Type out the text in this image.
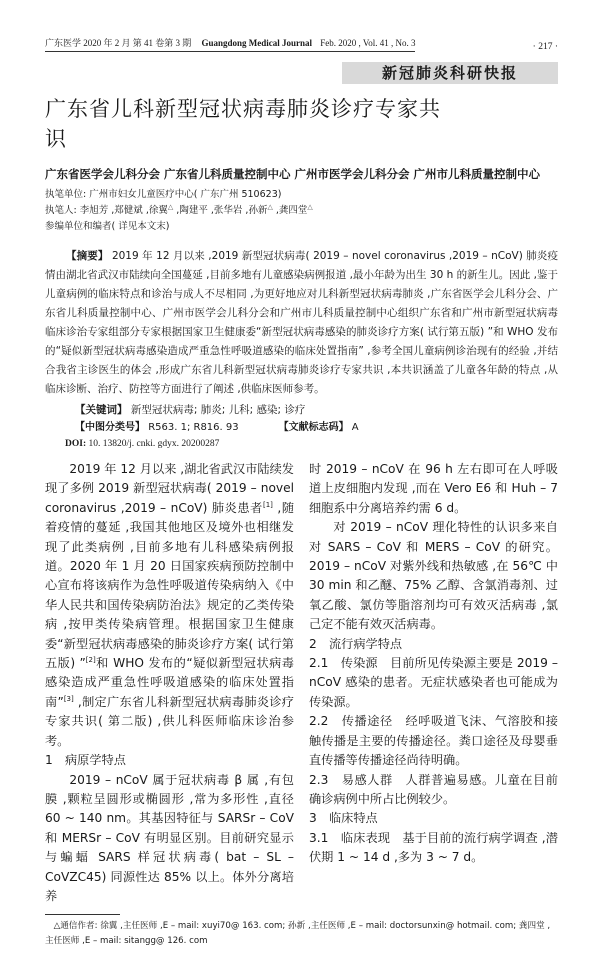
广东医学 2020 年 2 月 第 41 卷第 3 期 Guangdong Medical Journal Feb. 2020 , Vol. 41 , No. 3	· 217 ·
新冠肺炎科研快报
广东省儿科新型冠状病毒肺炎诊疗专家共识
广东省医学会儿科分会 广东省儿科质量控制中心 广州市医学会儿科分会 广州市儿科质量控制中心
执笔单位: 广州市妇女儿童医疗中心( 广东广州 510623)
执笔人: 李旭芳 ,郑健斌 ,徐翼△ ,陶建平 ,张华岩 ,孙新△ ,龚四堂△
参编单位和编者( 详见本文末)
【摘要】 2019 年 12 月以来 ,2019 新型冠状病毒( 2019 – novel coronavirus ,2019 – nCoV) 肺炎疫情由湖北省武汉市陆续向全国蔓延 ,目前多地有儿童感染病例报道 ,最小年龄为出生 30 h 的新生儿。因此 ,鉴于儿童病例的临床特点和诊治与成人不尽相同 ,为更好地应对儿科新型冠状病毒肺炎 ,广东省医学会儿科分会、广东省儿科质量控制中心、广州市医学会儿科分会和广州市儿科质量控制中心组织广东省和广州市新型冠状病毒临床诊治专家组部分专家根据国家卫生健康委“新型冠状病毒感染的肺炎诊疗方案( 试行第五版) ”和 WHO 发布的“疑似新型冠状病毒感染造成严重急性呼吸道感染的临床处置指南” ,参考全国儿童病例诊治现有的经验 ,并结合我省主诊医生的体会 ,形成广东省儿科新型冠状病毒肺炎诊疗专家共识 ,本共识涵盖了儿童各年龄的特点 ,从临床诊断、治疗、防控等方面进行了阐述 ,供临床医师参考。
【关键词】 新型冠状病毒; 肺炎; 儿科; 感染; 诊疗
【中图分类号】 R563. 1; R816. 93	【文献标志码】 A
DOI: 10. 13820/j. cnki. gdyx. 20200287

2019 年 12 月以来 ,湖北省武汉市陆续发现了多例 2019 新型冠状病毒( 2019 – novel coronavirus ,2019 – nCoV) 肺炎患者[1] ,随着疫情的蔓延 ,我国其他地区及境外也相继发现了此类病例 ,目前多地有儿科感染病例报道。2020 年 1 月 20 日国家疾病预防控制中心宣布将该病作为急性呼吸道传染病纳入《中华人民共和国传染病防治法》规定的乙类传染病 ,按甲类传染病管理。根据国家卫生健康委“新型冠状病毒感染的肺炎诊疗方案( 试行第五版) ”[2]和 WHO 发布的“疑似新型冠状病毒感染造成严重急性呼吸道感染的临床处置指南”[3] ,制定广东省儿科新型冠状病毒肺炎诊疗专家共识( 第二版) ,供儿科医师临床诊治参考。

1　病原学特点

2019 – nCoV 属于冠状病毒 β 属 ,有包膜 ,颗粒呈圆形或椭圆形 ,常为多形性 ,直径 60 ~ 140 nm。其基因特征与 SARSr – CoV 和 MERSr – CoV 有明显区别。目前研究显示与蝙蝠 SARS 样冠状病毒( bat – SL – CoVZC45) 同源性达 85% 以上。体外分离培养

时 2019 – nCoV 在 96 h 左右即可在人呼吸道上皮细胞内发现 ,而在 Vero E6 和 Huh – 7 细胞系中分离培养约需 6 d。

对 2019 – nCoV 理化特性的认识多来自对 SARS – CoV 和 MERS – CoV 的研究。2019 – nCoV 对紫外线和热敏感 ,在 56℃ 中 30 min 和乙醚、75% 乙醇、含氯消毒剂、过氧乙酸、氯仿等脂溶剂均可有效灭活病毒 ,氯己定不能有效灭活病毒。

2　流行病学特点

2.1　传染源　目前所见传染源主要是 2019 – nCoV 感染的患者。无症状感染者也可能成为传染源。

2.2　传播途径　经呼吸道飞沫、气溶胶和接触传播是主要的传播途径。粪口途径及母婴垂直传播等传播途径尚待明确。

2.3　易感人群　人群普遍易感。儿童在目前确诊病例中所占比例较少。

3　临床特点

3.1　临床表现　基于目前的流行病学调查 ,潜伏期 1 ~ 14 d ,多为 3 ~ 7 d。

△通信作者: 徐翼 ,主任医师 ,E – mail: xuyi70@ 163. com; 孙新 ,主任医师 ,E – mail: doctorsunxin@ hotmail. com; 龚四堂 ,主任医师 ,E – mail: sitangg@ 126. com
